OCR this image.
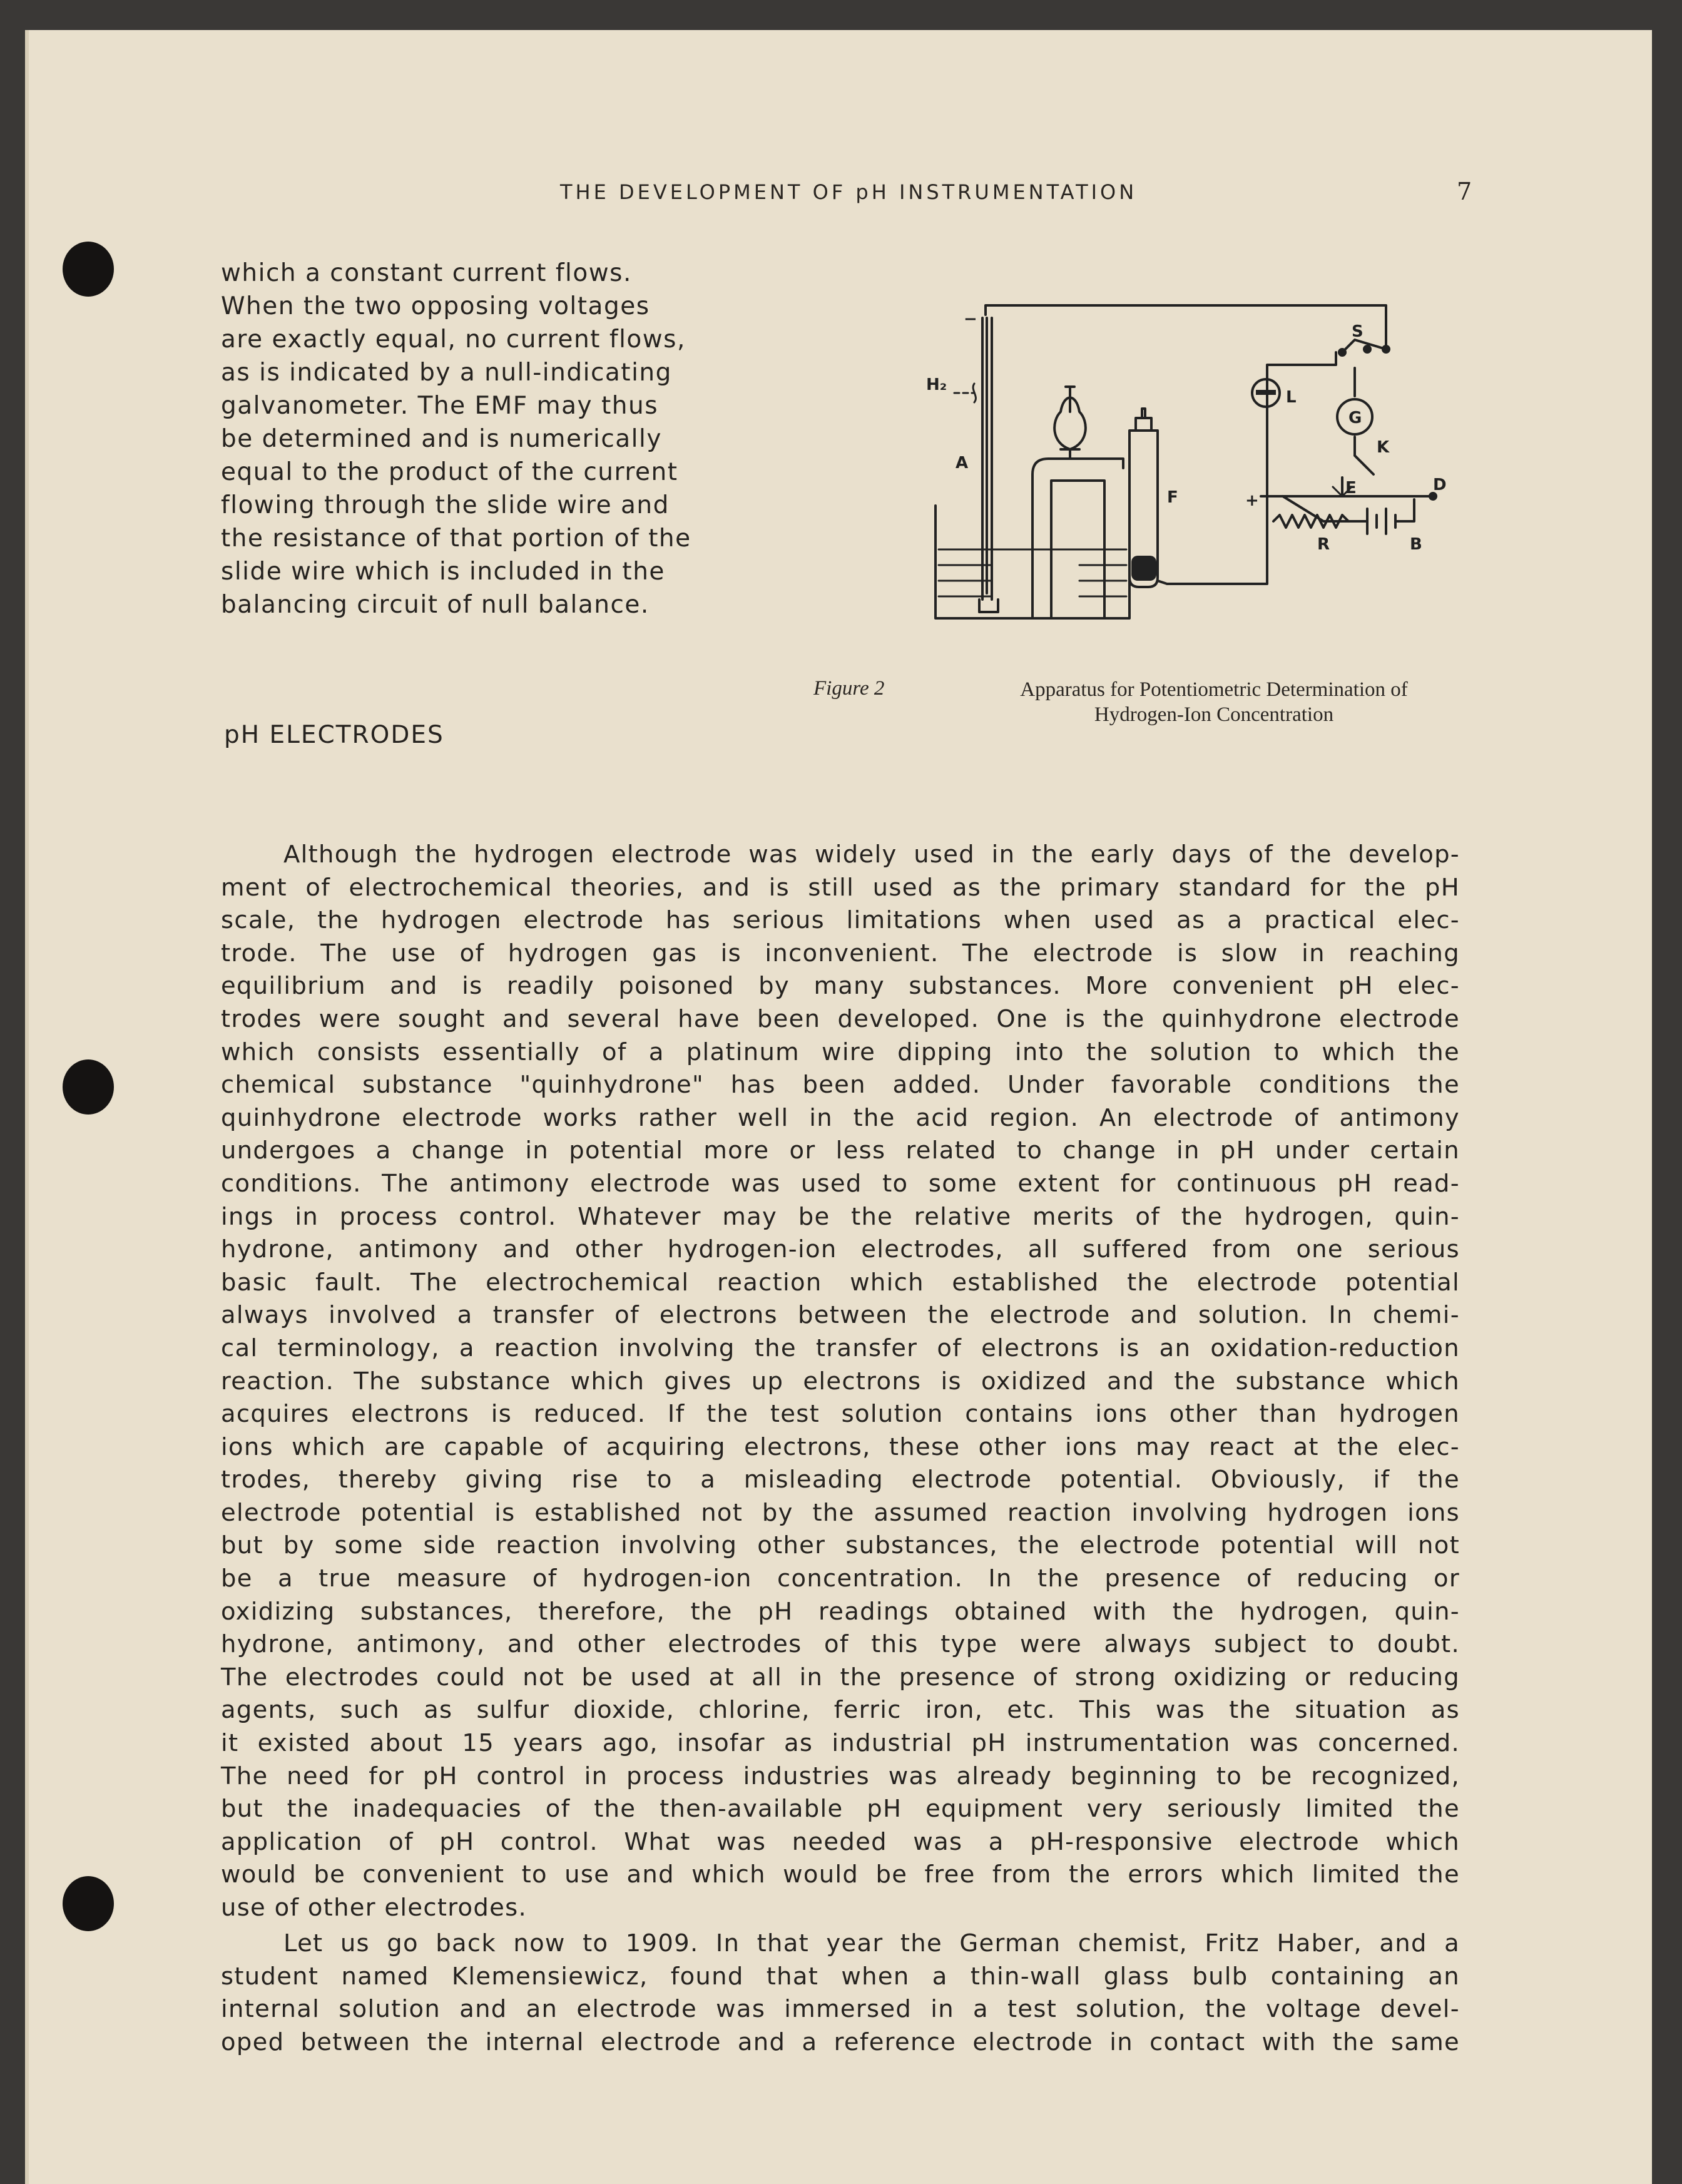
THE DEVELOPMENT OF pH INSTRUMENTATION	7
which a constant current flows.
When the two opposing voltages
are exactly equal, no current flows,
as is indicated by a null-indicating
galvanometer. The EMF may thus
be determined and is numerically
equal to the product of the current
flowing through the slide wire and
the resistance of that portion of the
slide wire which is included in the
balancing circuit of null balance.
H₂
A
F	+
+
−
S
L
G
K
E	D
R	B
Figure 2	Apparatus for Potentiometric Determination of
Hydrogen-Ion Concentration
pH ELECTRODES
Although the hydrogen electrode was widely used in the early days of the develop-
ment of electrochemical theories, and is still used as the primary standard for the pH
scale, the hydrogen electrode has serious limitations when used as a practical elec-
trode. The use of hydrogen gas is inconvenient. The electrode is slow in reaching
equilibrium and is readily poisoned by many substances. More convenient pH elec-
trodes were sought and several have been developed. One is the quinhydrone electrode
which consists essentially of a platinum wire dipping into the solution to which the
chemical substance "quinhydrone" has been added. Under favorable conditions the
quinhydrone electrode works rather well in the acid region. An electrode of antimony
undergoes a change in potential more or less related to change in pH under certain
conditions. The antimony electrode was used to some extent for continuous pH read-
ings in process control. Whatever may be the relative merits of the hydrogen, quin-
hydrone, antimony and other hydrogen-ion electrodes, all suffered from one serious
basic fault. The electrochemical reaction which established the electrode potential
always involved a transfer of electrons between the electrode and solution. In chemi-
cal terminology, a reaction involving the transfer of electrons is an oxidation-reduction
reaction. The substance which gives up electrons is oxidized and the substance which
acquires electrons is reduced. If the test solution contains ions other than hydrogen
ions which are capable of acquiring electrons, these other ions may react at the elec-
trodes, thereby giving rise to a misleading electrode potential. Obviously, if the
electrode potential is established not by the assumed reaction involving hydrogen ions
but by some side reaction involving other substances, the electrode potential will not
be a true measure of hydrogen-ion concentration. In the presence of reducing or
oxidizing substances, therefore, the pH readings obtained with the hydrogen, quin-
hydrone, antimony, and other electrodes of this type were always subject to doubt.
The electrodes could not be used at all in the presence of strong oxidizing or reducing
agents, such as sulfur dioxide, chlorine, ferric iron, etc. This was the situation as
it existed about 15 years ago, insofar as industrial pH instrumentation was concerned.
The need for pH control in process industries was already beginning to be recognized,
but the inadequacies of the then-available pH equipment very seriously limited the
application of pH control. What was needed was a pH-responsive electrode which
would be convenient to use and which would be free from the errors which limited the
use of other electrodes.
Let us go back now to 1909. In that year the German chemist, Fritz Haber, and a
student named Klemensiewicz, found that when a thin-wall glass bulb containing an
internal solution and an electrode was immersed in a test solution, the voltage devel-
oped between the internal electrode and a reference electrode in contact with the same
